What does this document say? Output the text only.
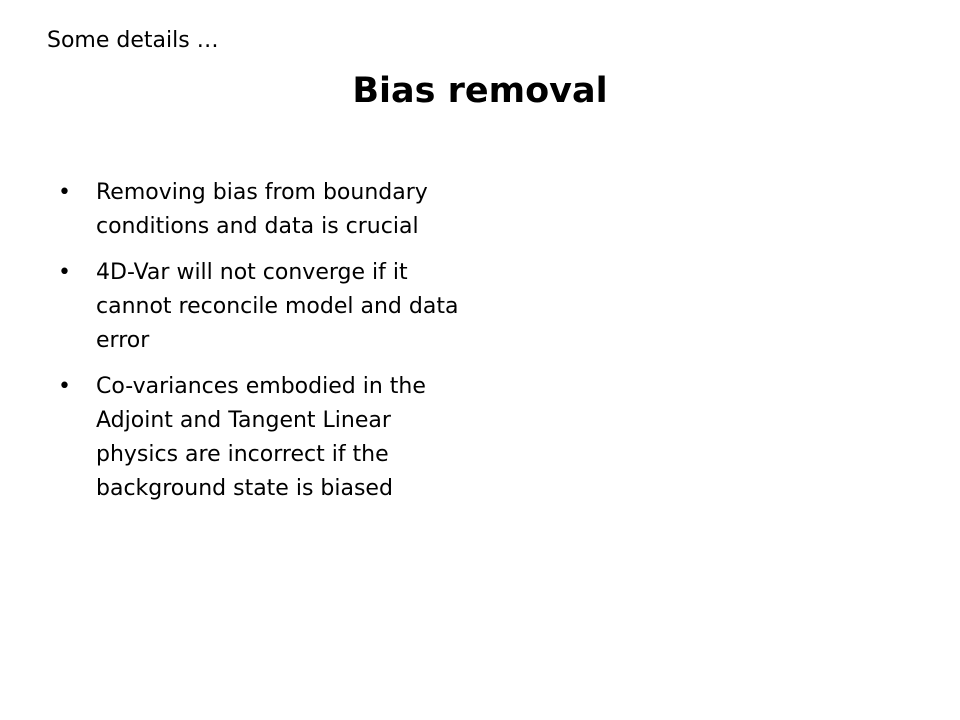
Some details …
Bias removal
•	Removing bias from boundary conditions and data is crucial
•	4D-Var will not converge if it cannot reconcile model and data error
•	Co-variances embodied in the Adjoint and Tangent Linear physics are incorrect if the background state is biased
